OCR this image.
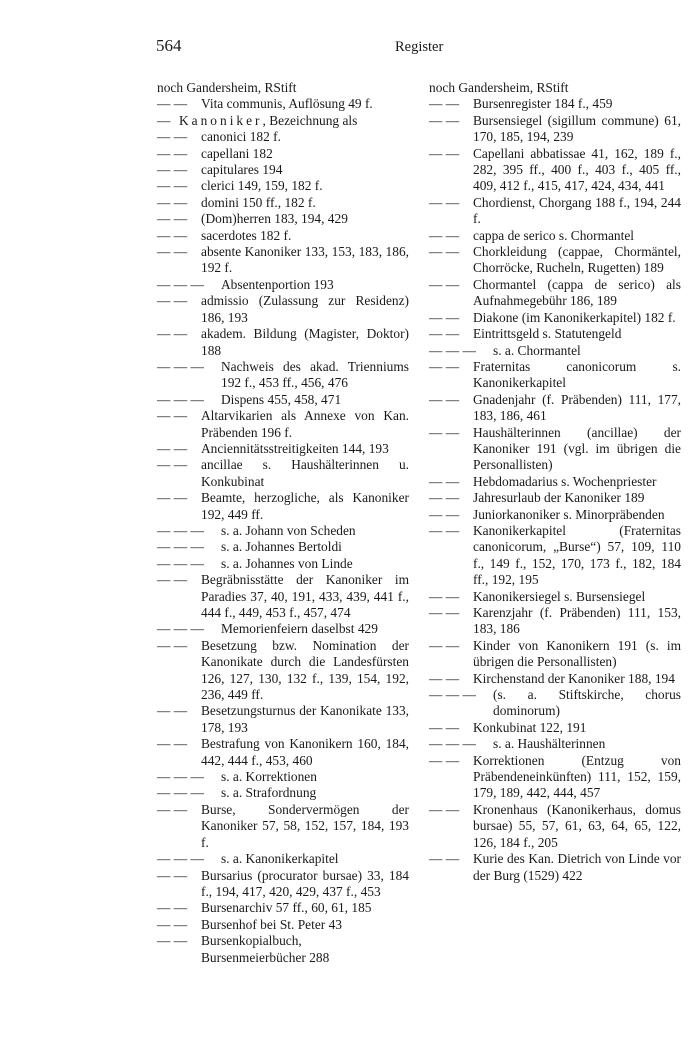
564	Register
noch Gandersheim, RStift
— — Vita communis, Auflösung 49 f.
— Kanoniker, Bezeichnung als
— — canonici 182 f.
— — capellani 182
— — capitulares 194
— — clerici 149, 159, 182 f.
— — domini 150 ff., 182 f.
— — (Dom)herren 183, 194, 429
— — sacerdotes 182 f.
— — absente Kanoniker 133, 153, 183, 186, 192 f.
— — — Absentenportion 193
— — admissio (Zulassung zur Residenz) 186, 193
— — akadem. Bildung (Magister, Doktor) 188
— — — Nachweis des akad. Trienniums 192 f., 453 ff., 456, 476
— — — Dispens 455, 458, 471
— — Altarvikarien als Annexe von Kan. Präbenden 196 f.
— — Anciennitätsstreitigkeiten 144, 193
— — ancillae s. Haushälterinnen u. Konkubinat
— — Beamte, herzogliche, als Kanoniker 192, 449 ff.
— — — s. a. Johann von Scheden
— — — s. a. Johannes Bertoldi
— — — s. a. Johannes von Linde
— — Begräbnisstätte der Kanoniker im Paradies 37, 40, 191, 433, 439, 441 f., 444 f., 449, 453 f., 457, 474
— — — Memorienfeiern daselbst 429
— — Besetzung bzw. Nomination der Kanonikate durch die Landesfürsten 126, 127, 130, 132 f., 139, 154, 192, 236, 449 ff.
— — Besetzungsturnus der Kanonikate 133, 178, 193
— — Bestrafung von Kanonikern 160, 184, 442, 444 f., 453, 460
— — — s. a. Korrektionen
— — — s. a. Strafordnung
— — Burse, Sondervermögen der Kanoniker 57, 58, 152, 157, 184, 193 f.
— — — s. a. Kanonikerkapitel
— — Bursarius (procurator bursae) 33, 184 f., 194, 417, 420, 429, 437 f., 453
— — Bursenarchiv 57 ff., 60, 61, 185
— — Bursenhof bei St. Peter 43
— — Bursenkopialbuch, Bursenmeierbücher 288
noch Gandersheim, RStift
— — Bursenregister 184 f., 459
— — Bursensiegel (sigillum commune) 61, 170, 185, 194, 239
— — Capellani abbatissae 41, 162, 189 f., 282, 395 ff., 400 f., 403 f., 405 ff., 409, 412 f., 415, 417, 424, 434, 441
— — Chordienst, Chorgang 188 f., 194, 244 f.
— — cappa de serico s. Chormantel
— — Chorkleidung (cappae, Chormäntel, Chorröcke, Rucheln, Rugetten) 189
— — Chormantel (cappa de serico) als Aufnahmegebühr 186, 189
— — Diakone (im Kanonikerkapitel) 182 f.
— — Eintrittsgeld s. Statutengeld
— — — s. a. Chormantel
— — Fraternitas canonicorum s. Kanonikerkapitel
— — Gnadenjahr (f. Präbenden) 111, 177, 183, 186, 461
— — Haushälterinnen (ancillae) der Kanoniker 191 (vgl. im übrigen die Personallisten)
— — Hebdomadarius s. Wochenpriester
— — Jahresurlaub der Kanoniker 189
— — Juniorkanoniker s. Minorpräbenden
— — Kanonikerkapitel (Fraternitas canonicorum, „Burse“) 57, 109, 110 f., 149 f., 152, 170, 173 f., 182, 184 ff., 192, 195
— — Kanonikersiegel s. Bursensiegel
— — Karenzjahr (f. Präbenden) 111, 153, 183, 186
— — Kinder von Kanonikern 191 (s. im übrigen die Personallisten)
— — Kirchenstand der Kanoniker 188, 194
— — — (s. a. Stiftskirche, chorus dominorum)
— — Konkubinat 122, 191
— — — s. a. Haushälterinnen
— — Korrektionen (Entzug von Präbendeneinkünften) 111, 152, 159, 179, 189, 442, 444, 457
— — Kronenhaus (Kanonikerhaus, domus bursae) 55, 57, 61, 63, 64, 65, 122, 126, 184 f., 205
— — Kurie des Kan. Dietrich von Linde vor der Burg (1529) 422
